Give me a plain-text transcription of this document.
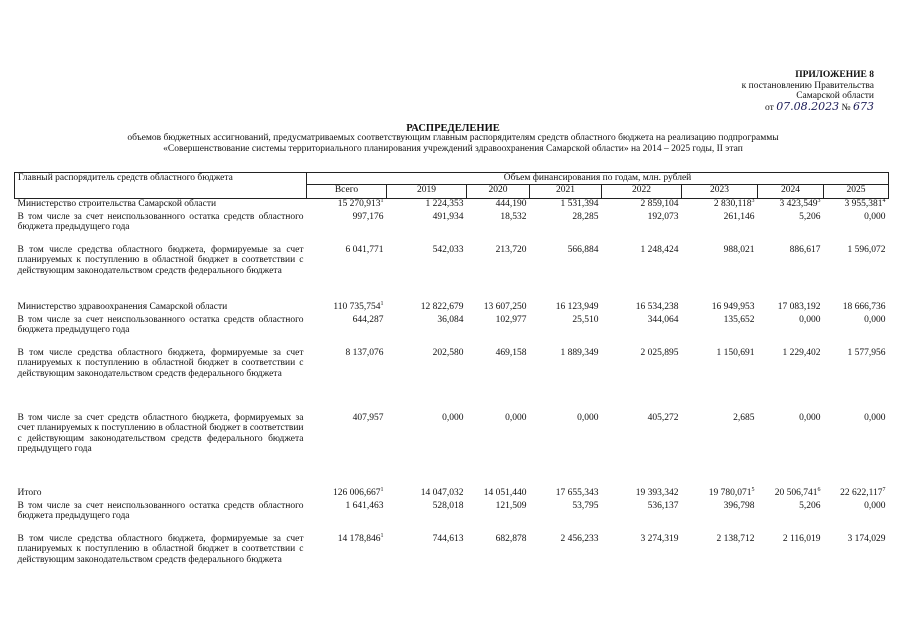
ПРИЛОЖЕНИЕ 8
к постановлению Правительства
Самарской области
от 07.08.2023 № 673
РАСПРЕДЕЛЕНИЕ
объемов бюджетных ассигнований, предусматриваемых соответствующим главным распорядителям средств областного бюджета на реализацию подпрограммы
«Совершенствование системы территориального планирования учреждений здравоохранения Самарской области» на 2014 – 2025 годы, II этап
Главный распорядитель средств областного бюджета	Объем финансирования по годам, млн. рублей							
	Всего	2019	2020	2021	2022	2023	2024	2025
Министерство строительства Самарской области	15 270,913$^1$	1 224,353	444,190	1 531,394	2 859,104	2 830,118$^3$	3 423,549$^3$	3 955,381$^4$
В том числе за счет неиспользованного остатка средств областного бюджета предыдущего года	997,176	491,934	18,532	28,285	192,073	261,146	5,206	0,000
В том числе средства областного бюджета, формируемые за счет планируемых к поступлению в областной бюджет в соответствии с действующим законодательством средств федерального бюджета	6 041,771	542,033	213,720	566,884	1 248,424	988,021	886,617	1 596,072
Министерство здравоохранения Самарской области	110 735,754$^1$	12 822,679	13 607,250	16 123,949	16 534,238	16 949,953	17 083,192	18 666,736
В том числе за счет неиспользованного остатка средств областного бюджета предыдущего года	644,287	36,084	102,977	25,510	344,064	135,652	0,000	0,000
В том числе средства областного бюджета, формируемые за счет планируемых к поступлению в областной бюджет в соответствии с действующим законодательством средств федерального бюджета	8 137,076	202,580	469,158	1 889,349	2 025,895	1 150,691	1 229,402	1 577,956
В том числе за счет средств областного бюджета, формируемых за счет планируемых к поступлению в областной бюджет в соответствии с действующим законодательством средств федерального бюджета предыдущего года	407,957	0,000	0,000	0,000	405,272	2,685	0,000	0,000
Итого	126 006,667$^1$	14 047,032	14 051,440	17 655,343	19 393,342	19 780,071$^5$	20 506,741$^6$	22 622,117$^7$
В том числе за счет неиспользованного остатка средств областного бюджета предыдущего года	1 641,463	528,018	121,509	53,795	536,137	396,798	5,206	0,000
В том числе средства областного бюджета, формируемые за счет планируемых к поступлению в областной бюджет в соответствии с действующим законодательством средств федерального бюджета	14 178,846$^1$	744,613	682,878	2 456,233	3 274,319	2 138,712	2 116,019	3 174,029
